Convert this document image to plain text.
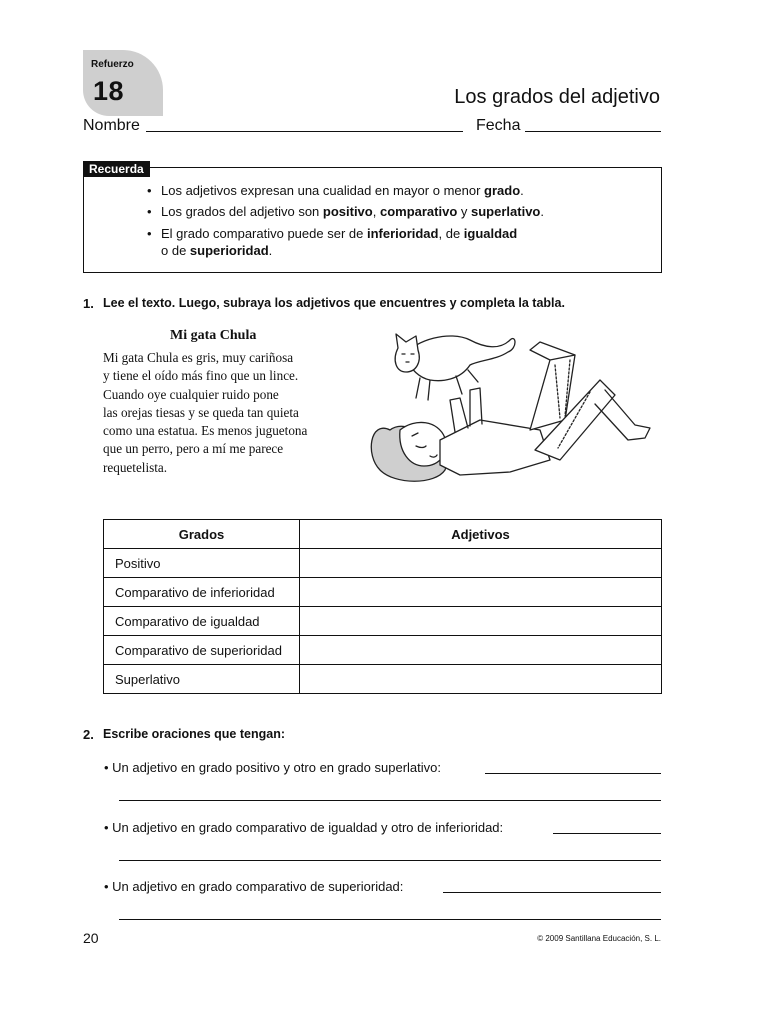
Refuerzo
18	Los grados del adjetivo
Nombre	Fecha
Recuerda
• Los adjetivos expresan una cualidad en mayor o menor grado.
• Los grados del adjetivo son positivo, comparativo y superlativo.
• El grado comparativo puede ser de inferioridad, de igualdad
o de superioridad.
1. Lee el texto. Luego, subraya los adjetivos que encuentres y completa la tabla.
Mi gata Chula
Mi gata Chula es gris, muy cariñosa
y tiene el oído más fino que un lince.
Cuando oye cualquier ruido pone
las orejas tiesas y se queda tan quieta
como una estatua. Es menos juguetona
que un perro, pero a mí me parece
requetelista.
Grados	Adjetivos
Positivo	
Comparativo de inferioridad	
Comparativo de igualdad	
Comparativo de superioridad	
Superlativo	
2. Escribe oraciones que tengan:
• Un adjetivo en grado positivo y otro en grado superlativo:
• Un adjetivo en grado comparativo de igualdad y otro de inferioridad:
• Un adjetivo en grado comparativo de superioridad:
20	© 2009 Santillana Educación, S. L.
